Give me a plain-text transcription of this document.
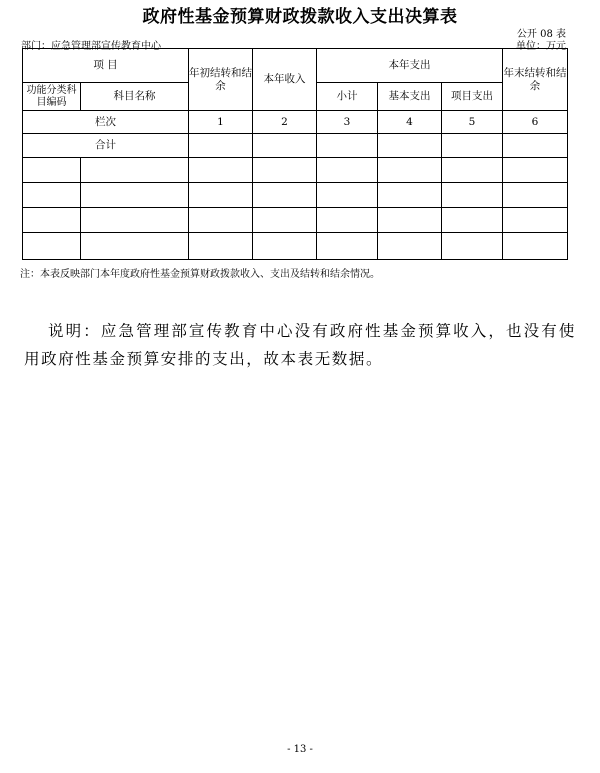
政府性基金预算财政拨款收入支出决算表
公开 08 表
部门：应急管理部宣传教育中心	单位：万元
项 目		年初结转和结余	本年收入	本年支出			年末结转和结余
功能分类科目编码	科目名称			小计	基本支出	项目支出	
栏次		1	2	3	4	5	6
合计							

注：本表反映部门本年度政府性基金预算财政拨款收入、支出及结转和结余情况。
说明：应急管理部宣传教育中心没有政府性基金预算收入，也没有使用政府性基金预算安排的支出，故本表无数据。
- 13 -
